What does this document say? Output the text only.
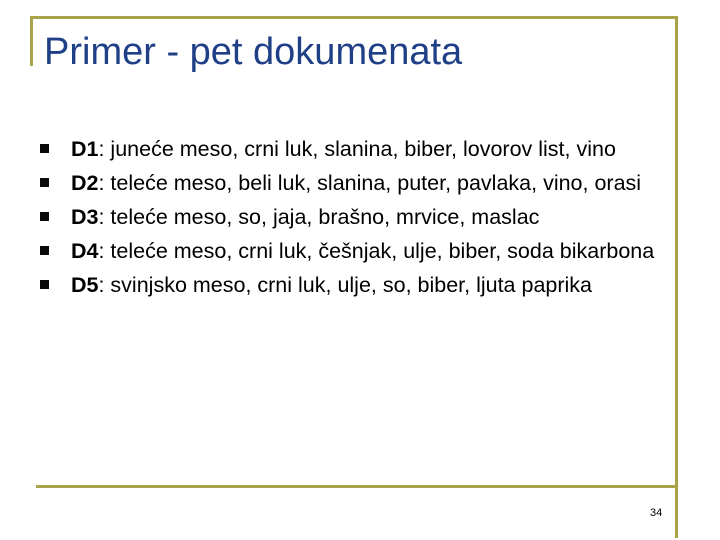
Primer - pet dokumenata
D1: juneće meso, crni luk, slanina, biber, lovorov list, vino
D2: teleće meso, beli luk, slanina, puter, pavlaka, vino, orasi
D3: teleće meso, so, jaja, brašno, mrvice, maslac
D4: teleće meso, crni luk, češnjak, ulje, biber, soda bikarbona
D5: svinjsko meso, crni luk, ulje, so, biber, ljuta paprika
34
